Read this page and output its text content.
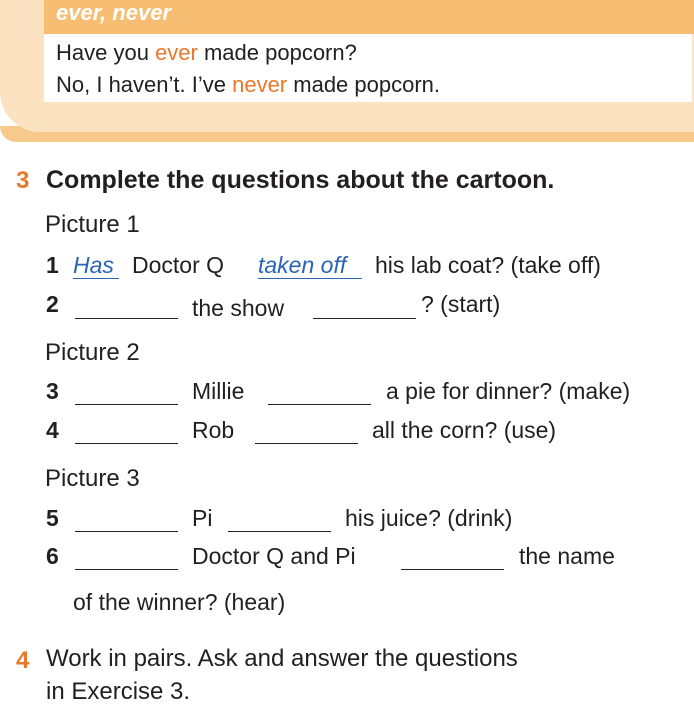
ever, never
Have you ever made popcorn?
No, I haven’t. I’ve never made popcorn.
3 Complete the questions about the cartoon.
Picture 1
1 Has Doctor Q taken off his lab coat? (take off)
2	the show	? (start)
Picture 2
3	Millie	a pie for dinner? (make)
4	Rob	all the corn? (use)
Picture 3
5	Pi	his juice? (drink)
6	Doctor Q and Pi	the name
of the winner? (hear)
4 Work in pairs. Ask and answer the questions
in Exercise 3.
